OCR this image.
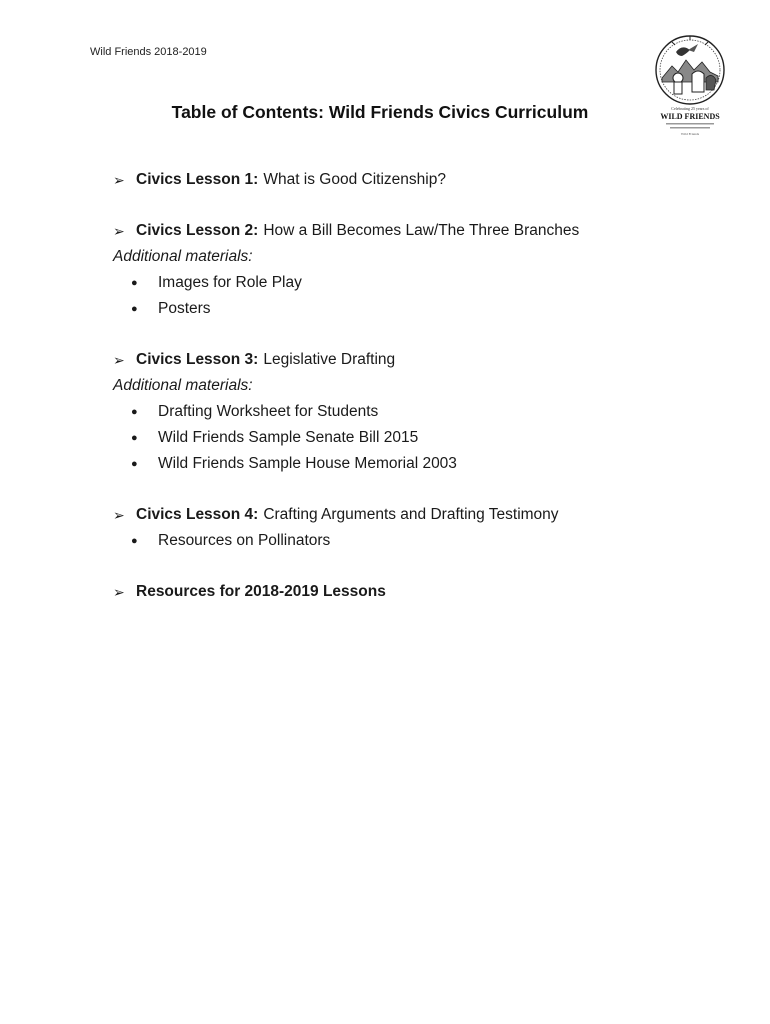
Wild Friends 2018-2019
Celebrating 25 years of
WILD FRIENDS
Wild Friends
Table of Contents: Wild Friends Civics Curriculum
➢ Civics Lesson 1: What is Good Citizenship?
➢ Civics Lesson 2: How a Bill Becomes Law/The Three Branches
Additional materials:
●	Images for Role Play
●	Posters
➢ Civics Lesson 3: Legislative Drafting
Additional materials:
●	Drafting Worksheet for Students
●	Wild Friends Sample Senate Bill 2015
●	Wild Friends Sample House Memorial 2003
➢ Civics Lesson 4: Crafting Arguments and Drafting Testimony
●	Resources on Pollinators
➢ Resources for 2018-2019 Lessons
